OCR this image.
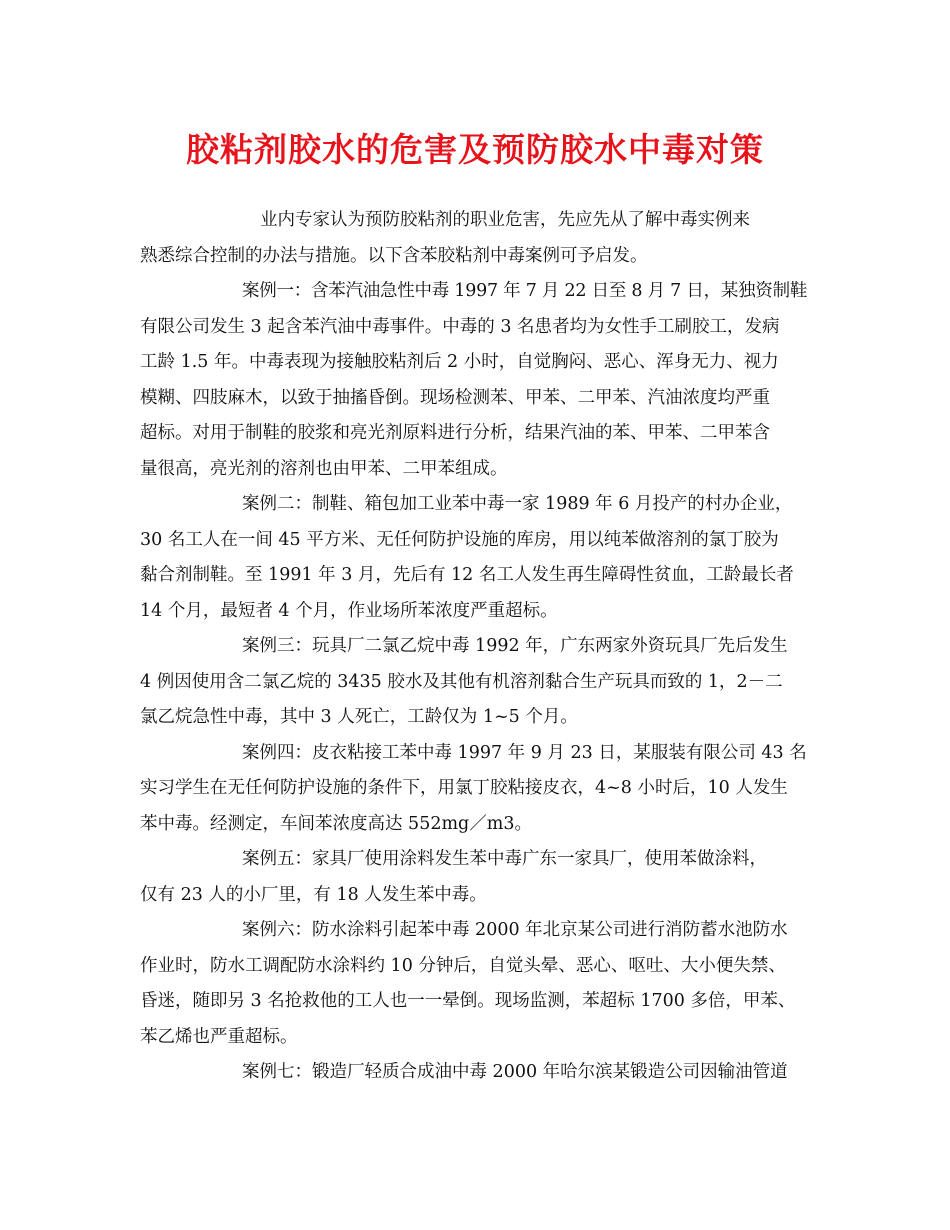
胶粘剂胶水的危害及预防胶水中毒对策
业内专家认为预防胶粘剂的职业危害，先应先从了解中毒实例来
熟悉综合控制的办法与措施。以下含苯胶粘剂中毒案例可予启发。
案例一：含苯汽油急性中毒 1997 年 7 月 22 日至 8 月 7 日，某独资制鞋
有限公司发生 3 起含苯汽油中毒事件。中毒的 3 名患者均为女性手工刷胶工，发病
工龄 1.5 年。中毒表现为接触胶粘剂后 2 小时，自觉胸闷、恶心、浑身无力、视力
模糊、四肢麻木，以致于抽搐昏倒。现场检测苯、甲苯、二甲苯、汽油浓度均严重
超标。对用于制鞋的胶浆和亮光剂原料进行分析，结果汽油的苯、甲苯、二甲苯含
量很高，亮光剂的溶剂也由甲苯、二甲苯组成。
案例二：制鞋、箱包加工业苯中毒一家 1989 年 6 月投产的村办企业，
30 名工人在一间 45 平方米、无任何防护设施的库房，用以纯苯做溶剂的氯丁胶为
黏合剂制鞋。至 1991 年 3 月，先后有 12 名工人发生再生障碍性贫血，工龄最长者
14 个月，最短者 4 个月，作业场所苯浓度严重超标。
案例三：玩具厂二氯乙烷中毒 1992 年，广东两家外资玩具厂先后发生
4 例因使用含二氯乙烷的 3435 胶水及其他有机溶剂黏合生产玩具而致的 1，2－二
氯乙烷急性中毒，其中 3 人死亡，工龄仅为 1~5 个月。
案例四：皮衣粘接工苯中毒 1997 年 9 月 23 日，某服装有限公司 43 名
实习学生在无任何防护设施的条件下，用氯丁胶粘接皮衣，4~8 小时后，10 人发生
苯中毒。经测定，车间苯浓度高达 552mg／m3。
案例五：家具厂使用涂料发生苯中毒广东一家具厂，使用苯做涂料，
仅有 23 人的小厂里，有 18 人发生苯中毒。
案例六：防水涂料引起苯中毒 2000 年北京某公司进行消防蓄水池防水
作业时，防水工调配防水涂料约 10 分钟后，自觉头晕、恶心、呕吐、大小便失禁、
昏迷，随即另 3 名抢救他的工人也一一晕倒。现场监测，苯超标 1700 多倍，甲苯、
苯乙烯也严重超标。
案例七：锻造厂轻质合成油中毒 2000 年哈尔滨某锻造公司因输油管道
